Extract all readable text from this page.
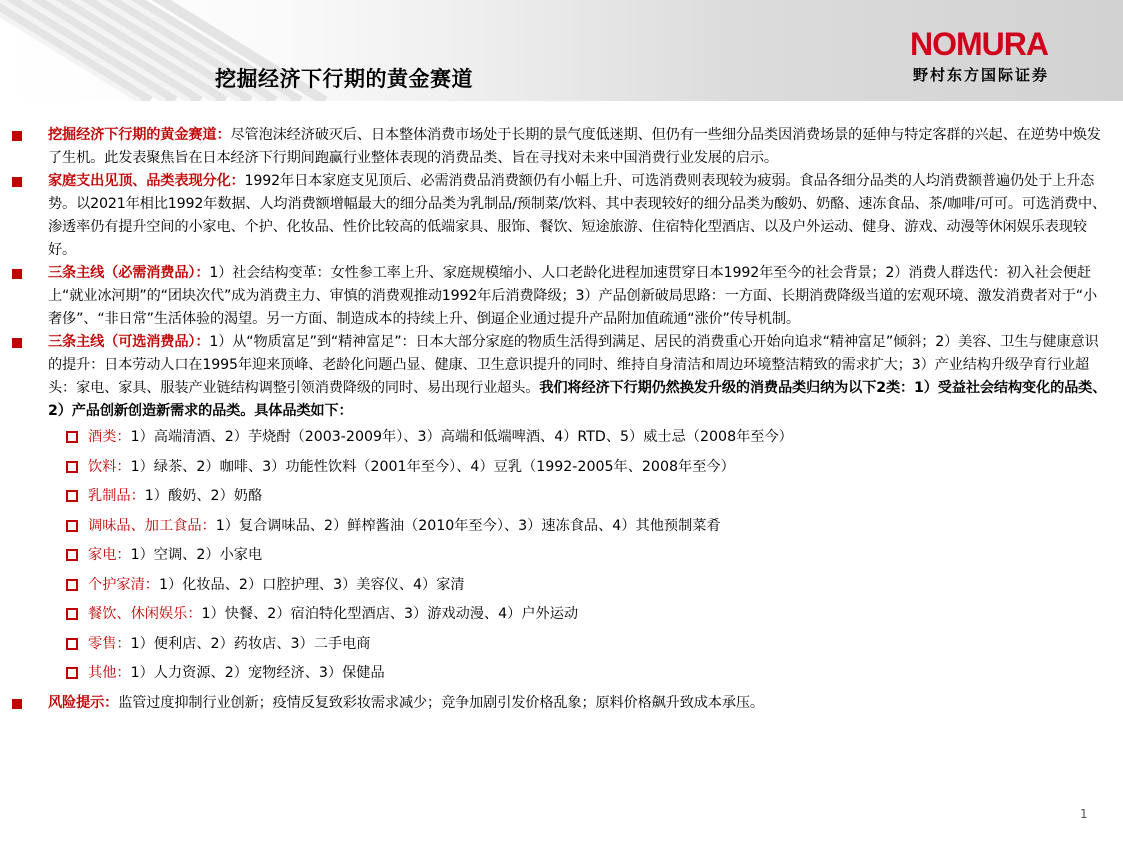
挖掘经济下行期的黄金赛道
NOMURA
野村东方国际证券

挖掘经济下行期的黄金赛道：尽管泡沫经济破灭后、日本整体消费市场处于长期的景气度低迷期、但仍有一些细分品类因消费场景的延伸与特定客群的兴起、在逆势中焕发了生机。此发表聚焦旨在日本经济下行期间跑赢行业整体表现的消费品类、旨在寻找对未来中国消费行业发展的启示。

家庭支出见顶、品类表现分化：1992年日本家庭支见顶后、必需消费品消费额仍有小幅上升、可选消费则表现较为疲弱。食品各细分品类的人均消费额普遍仍处于上升态势。以2021年相比1992年数据、人均消费额增幅最大的细分品类为乳制品/预制菜/饮料、其中表现较好的细分品类为酸奶、奶酪、速冻食品、茶/咖啡/可可。可选消费中、渗透率仍有提升空间的小家电、个护、化妆品、性价比较高的低端家具、服饰、餐饮、短途旅游、住宿特化型酒店、以及户外运动、健身、游戏、动漫等休闲娱乐表现较好。

三条主线（必需消费品）：1）社会结构变革：女性参工率上升、家庭规模缩小、人口老龄化进程加速贯穿日本1992年至今的社会背景；2）消费人群迭代：初入社会便赶上“就业冰河期”的“团块次代”成为消费主力、审慎的消费观推动1992年后消费降级；3）产品创新破局思路：一方面、长期消费降级当道的宏观环境、激发消费者对于“小奢侈”、“非日常”生活体验的渴望。另一方面、制造成本的持续上升、倒逼企业通过提升产品附加值疏通“涨价”传导机制。

三条主线（可选消费品）：1）从“物质富足”到“精神富足”：日本大部分家庭的物质生活得到满足、居民的消费重心开始向追求“精神富足”倾斜；2）美容、卫生与健康意识的提升：日本劳动人口在1995年迎来顶峰、老龄化问题凸显、健康、卫生意识提升的同时、维持自身清洁和周边环境整洁精致的需求扩大；3）产业结构升级孕育行业超头：家电、家具、服装产业链结构调整引领消费降级的同时、易出现行业超头。我们将经济下行期仍然换发升级的消费品类归纳为以下2类：1）受益社会结构变化的品类、2）产品创新创造新需求的品类。具体品类如下：

酒类：1）高端清酒、2）芋烧酎（2003-2009年）、3）高端和低端啤酒、4）RTD、5）威士忌（2008年至今）

饮料：1）绿茶、2）咖啡、3）功能性饮料（2001年至今）、4）豆乳（1992-2005年、2008年至今）

乳制品：1）酸奶、2）奶酪

调味品、加工食品：1）复合调味品、2）鲜榨酱油（2010年至今）、3）速冻食品、4）其他预制菜肴

家电：1）空调、2）小家电

个护家清：1）化妆品、2）口腔护理、3）美容仪、4）家清

餐饮、休闲娱乐：1）快餐、2）宿泊特化型酒店、3）游戏动漫、4）户外运动

零售：1）便利店、2）药妆店、3）二手电商

其他：1）人力资源、2）宠物经济、3）保健品

风险提示：监管过度抑制行业创新；疫情反复致彩妆需求减少；竞争加剧引发价格乱象；原料价格飙升致成本承压。

1
